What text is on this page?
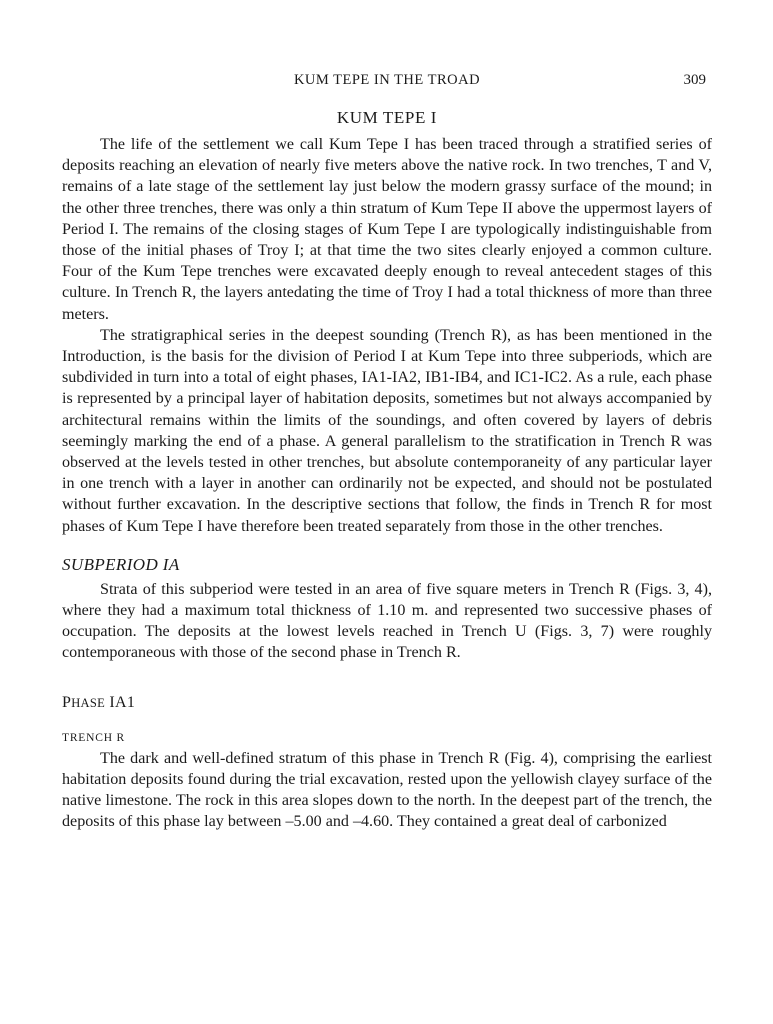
KUM TEPE IN THE TROAD	309
KUM TEPE I

The life of the settlement we call Kum Tepe I has been traced through a stratified series of deposits reaching an elevation of nearly five meters above the native rock. In two trenches, T and V, remains of a late stage of the settlement lay just below the modern grassy surface of the mound; in the other three trenches, there was only a thin stratum of Kum Tepe II above the uppermost layers of Period I. The remains of the closing stages of Kum Tepe I are typologically indistinguishable from those of the initial phases of Troy I; at that time the two sites clearly enjoyed a common culture. Four of the Kum Tepe trenches were excavated deeply enough to reveal antecedent stages of this culture. In Trench R, the layers antedating the time of Troy I had a total thickness of more than three meters.

The stratigraphical series in the deepest sounding (Trench R), as has been mentioned in the Introduction, is the basis for the division of Period I at Kum Tepe into three subperiods, which are subdivided in turn into a total of eight phases, IA1-IA2, IB1-IB4, and IC1-IC2. As a rule, each phase is represented by a principal layer of habitation deposits, sometimes but not always accompanied by architectural remains within the limits of the soundings, and often covered by layers of debris seemingly marking the end of a phase. A general parallelism to the stratification in Trench R was observed at the levels tested in other trenches, but absolute contemporaneity of any particular layer in one trench with a layer in another can ordinarily not be expected, and should not be postulated without further excavation. In the descriptive sections that follow, the finds in Trench R for most phases of Kum Tepe I have therefore been treated separately from those in the other trenches.

SUBPERIOD IA

Strata of this subperiod were tested in an area of five square meters in Trench R (Figs. 3, 4), where they had a maximum total thickness of 1.10 m. and represented two successive phases of occupation. The deposits at the lowest levels reached in Trench U (Figs. 3, 7) were roughly contemporaneous with those of the second phase in Trench R.

PHASE IA1
TRENCH R

The dark and well-defined stratum of this phase in Trench R (Fig. 4), comprising the earliest habitation deposits found during the trial excavation, rested upon the yellowish clayey surface of the native limestone. The rock in this area slopes down to the north. In the deepest part of the trench, the deposits of this phase lay between –5.00 and –4.60. They contained a great deal of carbonized
